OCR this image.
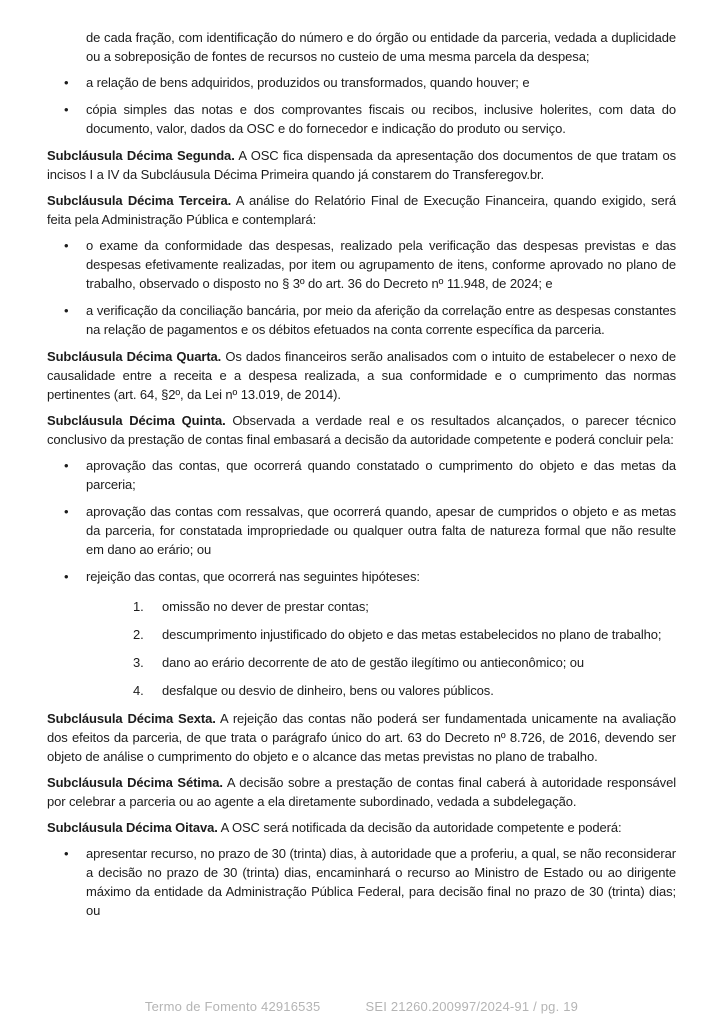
de cada fração, com identificação do número e do órgão ou entidade da parceria, vedada a duplicidade ou a sobreposição de fontes de recursos no custeio de uma mesma parcela da despesa;

• a relação de bens adquiridos, produzidos ou transformados, quando houver; e
• cópia simples das notas e dos comprovantes fiscais ou recibos, inclusive holerites, com data do documento, valor, dados da OSC e do fornecedor e indicação do produto ou serviço.

Subcláusula Décima Segunda. A OSC fica dispensada da apresentação dos documentos de que tratam os incisos I a IV da Subcláusula Décima Primeira quando já constarem do Transferegov.br.

Subcláusula Décima Terceira. A análise do Relatório Final de Execução Financeira, quando exigido, será feita pela Administração Pública e contemplará:

• o exame da conformidade das despesas, realizado pela verificação das despesas previstas e das despesas efetivamente realizadas, por item ou agrupamento de itens, conforme aprovado no plano de trabalho, observado o disposto no § 3º do art. 36 do Decreto nº 11.948, de 2024; e
• a verificação da conciliação bancária, por meio da aferição da correlação entre as despesas constantes na relação de pagamentos e os débitos efetuados na conta corrente específica da parceria.

Subcláusula Décima Quarta. Os dados financeiros serão analisados com o intuito de estabelecer o nexo de causalidade entre a receita e a despesa realizada, a sua conformidade e o cumprimento das normas pertinentes (art. 64, §2º, da Lei nº 13.019, de 2014).

Subcláusula Décima Quinta. Observada a verdade real e os resultados alcançados, o parecer técnico conclusivo da prestação de contas final embasará a decisão da autoridade competente e poderá concluir pela:

• aprovação das contas, que ocorrerá quando constatado o cumprimento do objeto e das metas da parceria;
• aprovação das contas com ressalvas, que ocorrerá quando, apesar de cumpridos o objeto e as metas da parceria, for constatada impropriedade ou qualquer outra falta de natureza formal que não resulte em dano ao erário; ou
• rejeição das contas, que ocorrerá nas seguintes hipóteses:
1. omissão no dever de prestar contas;
2. descumprimento injustificado do objeto e das metas estabelecidos no plano de trabalho;
3. dano ao erário decorrente de ato de gestão ilegítimo ou antieconômico; ou
4. desfalque ou desvio de dinheiro, bens ou valores públicos.

Subcláusula Décima Sexta. A rejeição das contas não poderá ser fundamentada unicamente na avaliação dos efeitos da parceria, de que trata o parágrafo único do art. 63 do Decreto nº 8.726, de 2016, devendo ser objeto de análise o cumprimento do objeto e o alcance das metas previstas no plano de trabalho.

Subcláusula Décima Sétima. A decisão sobre a prestação de contas final caberá à autoridade responsável por celebrar a parceria ou ao agente a ela diretamente subordinado, vedada a subdelegação.

Subcláusula Décima Oitava. A OSC será notificada da decisão da autoridade competente e poderá:

• apresentar recurso, no prazo de 30 (trinta) dias, à autoridade que a proferiu, a qual, se não reconsiderar a decisão no prazo de 30 (trinta) dias, encaminhará o recurso ao Ministro de Estado ou ao dirigente máximo da entidade da Administração Pública Federal, para decisão final no prazo de 30 (trinta) dias; ou
Termo de Fomento 42916535	SEI 21260.200997/2024-91 / pg. 19
